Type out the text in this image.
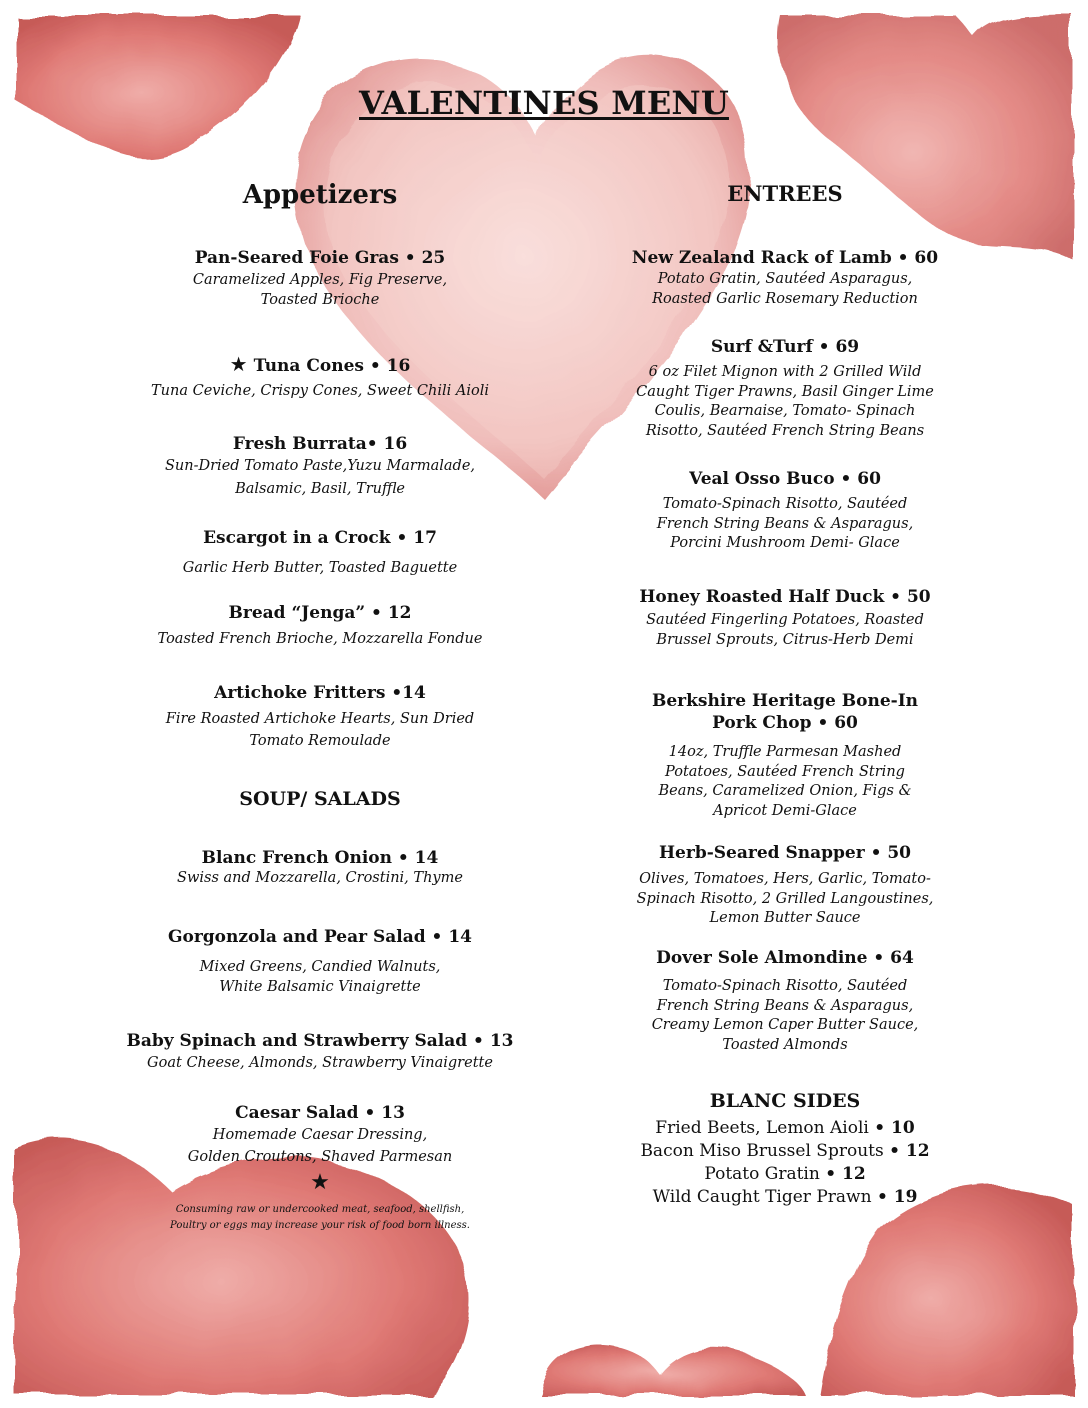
VALENTINES MENU
Appetizers
Pan-Seared Foie Gras • 25
Caramelized Apples, Fig Preserve,
Toasted Brioche
★ Tuna Cones • 16
Tuna Ceviche, Crispy Cones, Sweet Chili Aioli
Fresh Burrata• 16
Sun-Dried Tomato Paste,Yuzu Marmalade,
Balsamic, Basil, Truffle
Escargot in a Crock • 17
Garlic Herb Butter, Toasted Baguette
Bread “Jenga” • 12
Toasted French Brioche, Mozzarella Fondue
Artichoke Fritters •14
Fire Roasted Artichoke Hearts, Sun Dried
Tomato Remoulade
SOUP/ SALADS
Blanc French Onion • 14
Swiss and Mozzarella, Crostini, Thyme
Gorgonzola and Pear Salad • 14
Mixed Greens, Candied Walnuts,
White Balsamic Vinaigrette
Baby Spinach and Strawberry Salad • 13
Goat Cheese, Almonds, Strawberry Vinaigrette
Caesar Salad • 13
Homemade Caesar Dressing,
Golden Croutons, Shaved Parmesan
★
Consuming raw or undercooked meat, seafood, shellfish,
Poultry or eggs may increase your risk of food born illness.
ENTREES
New Zealand Rack of Lamb • 60
Potato Gratin, Sautéed Asparagus,
Roasted Garlic Rosemary Reduction
Surf &Turf • 69
6 oz Filet Mignon with 2 Grilled Wild
Caught Tiger Prawns, Basil Ginger Lime
Coulis, Bearnaise, Tomato- Spinach
Risotto, Sautéed French String Beans
Veal Osso Buco • 60
Tomato-Spinach Risotto, Sautéed
French String Beans & Asparagus,
Porcini Mushroom Demi- Glace
Honey Roasted Half Duck • 50
Sautéed Fingerling Potatoes, Roasted
Brussel Sprouts, Citrus-Herb Demi
Berkshire Heritage Bone-In
Pork Chop • 60
14oz, Truffle Parmesan Mashed
Potatoes, Sautéed French String
Beans, Caramelized Onion, Figs &
Apricot Demi-Glace
Herb-Seared Snapper • 50
Olives, Tomatoes, Hers, Garlic, Tomato-
Spinach Risotto, 2 Grilled Langoustines,
Lemon Butter Sauce
Dover Sole Almondine • 64
Tomato-Spinach Risotto, Sautéed
French String Beans & Asparagus,
Creamy Lemon Caper Butter Sauce,
Toasted Almonds
BLANC SIDES
Fried Beets, Lemon Aioli • 10
Bacon Miso Brussel Sprouts • 12
Potato Gratin • 12
Wild Caught Tiger Prawn • 19
